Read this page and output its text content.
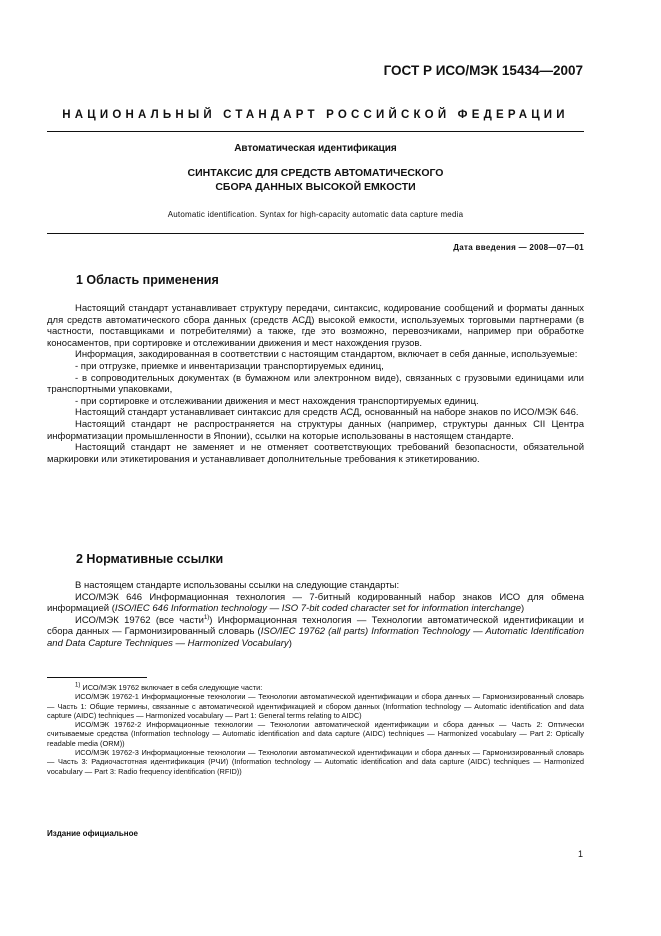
ГОСТ Р ИСО/МЭК 15434—2007
НАЦИОНАЛЬНЫЙ СТАНДАРТ РОССИЙСКОЙ ФЕДЕРАЦИИ
Автоматическая идентификация
СИНТАКСИС ДЛЯ СРЕДСТВ АВТОМАТИЧЕСКОГО
СБОРА ДАННЫХ ВЫСОКОЙ ЕМКОСТИ
Automatic identification. Syntax for high-capacity automatic data capture media
Дата введения — 2008—07—01
1 Область применения

Настоящий стандарт устанавливает структуру передачи, синтаксис, кодирование сообщений и форматы данных для средств автоматического сбора данных (средств АСД) высокой емкости, используемых торговыми партнерами (в частности, поставщиками и потребителями) а также, где это возможно, перевозчиками, например при обработке коносаментов, при сортировке и отслеживании движения и мест нахождения грузов.

Информация, закодированная в соответствии с настоящим стандартом, включает в себя данные, используемые:

- при отгрузке, приемке и инвентаризации транспортируемых единиц,

- в сопроводительных документах (в бумажном или электронном виде), связанных с грузовыми единицами или транспортными упаковками,

- при сортировке и отслеживании движения и мест нахождения транспортируемых единиц.

Настоящий стандарт устанавливает синтаксис для средств АСД, основанный на наборе знаков по ИСО/МЭК 646.

Настоящий стандарт не распространяется на структуры данных (например, структуры данных CII Центра информатизации промышленности в Японии), ссылки на которые использованы в настоящем стандарте.

Настоящий стандарт не заменяет и не отменяет соответствующих требований безопасности, обязательной маркировки или этикетирования и устанавливает дополнительные требования к этикетированию.

2 Нормативные ссылки

В настоящем стандарте использованы ссылки на следующие стандарты:

ИСО/МЭК 646 Информационная технология — 7-битный кодированный набор знаков ИСО для обмена информацией (ISO/IEC 646 Information technology — ISO 7-bit coded character set for information interchange)

ИСО/МЭК 19762 (все части$^{1)}$) Информационная технология — Технологии автоматической идентификации и сбора данных — Гармонизированный словарь (ISO/IEC 19762 (all parts) Information Technology — Automatic Identification and Data Capture Techniques — Harmonized Vocabulary)

$^{1)}$ ИСО/МЭК 19762 включает в себя следующие части:

ИСО/МЭК 19762-1 Информационные технологии — Технологии автоматической идентификации и сбора данных — Гармонизированный словарь — Часть 1: Общие термины, связанные с автоматической идентификацией и сбором данных (Information technology — Automatic identification and data capture (AIDC) techniques — Harmonized vocabulary — Part 1: General terms relating to AIDC)

ИСО/МЭК 19762-2 Информационные технологии — Технологии автоматической идентификации и сбора данных — Часть 2: Оптически считываемые средства (Information technology — Automatic identification and data capture (AIDC) techniques — Harmonized vocabulary — Part 2: Optically readable media (ORM))

ИСО/МЭК 19762-3 Информационные технологии — Технологии автоматической идентификации и сбора данных — Гармонизированный словарь — Часть 3: Радиочастотная идентификация (РЧИ) (Information technology — Automatic identification and data capture (AIDC) techniques — Harmonized vocabulary — Part 3: Radio frequency identification (RFID))

Издание официальное
1
